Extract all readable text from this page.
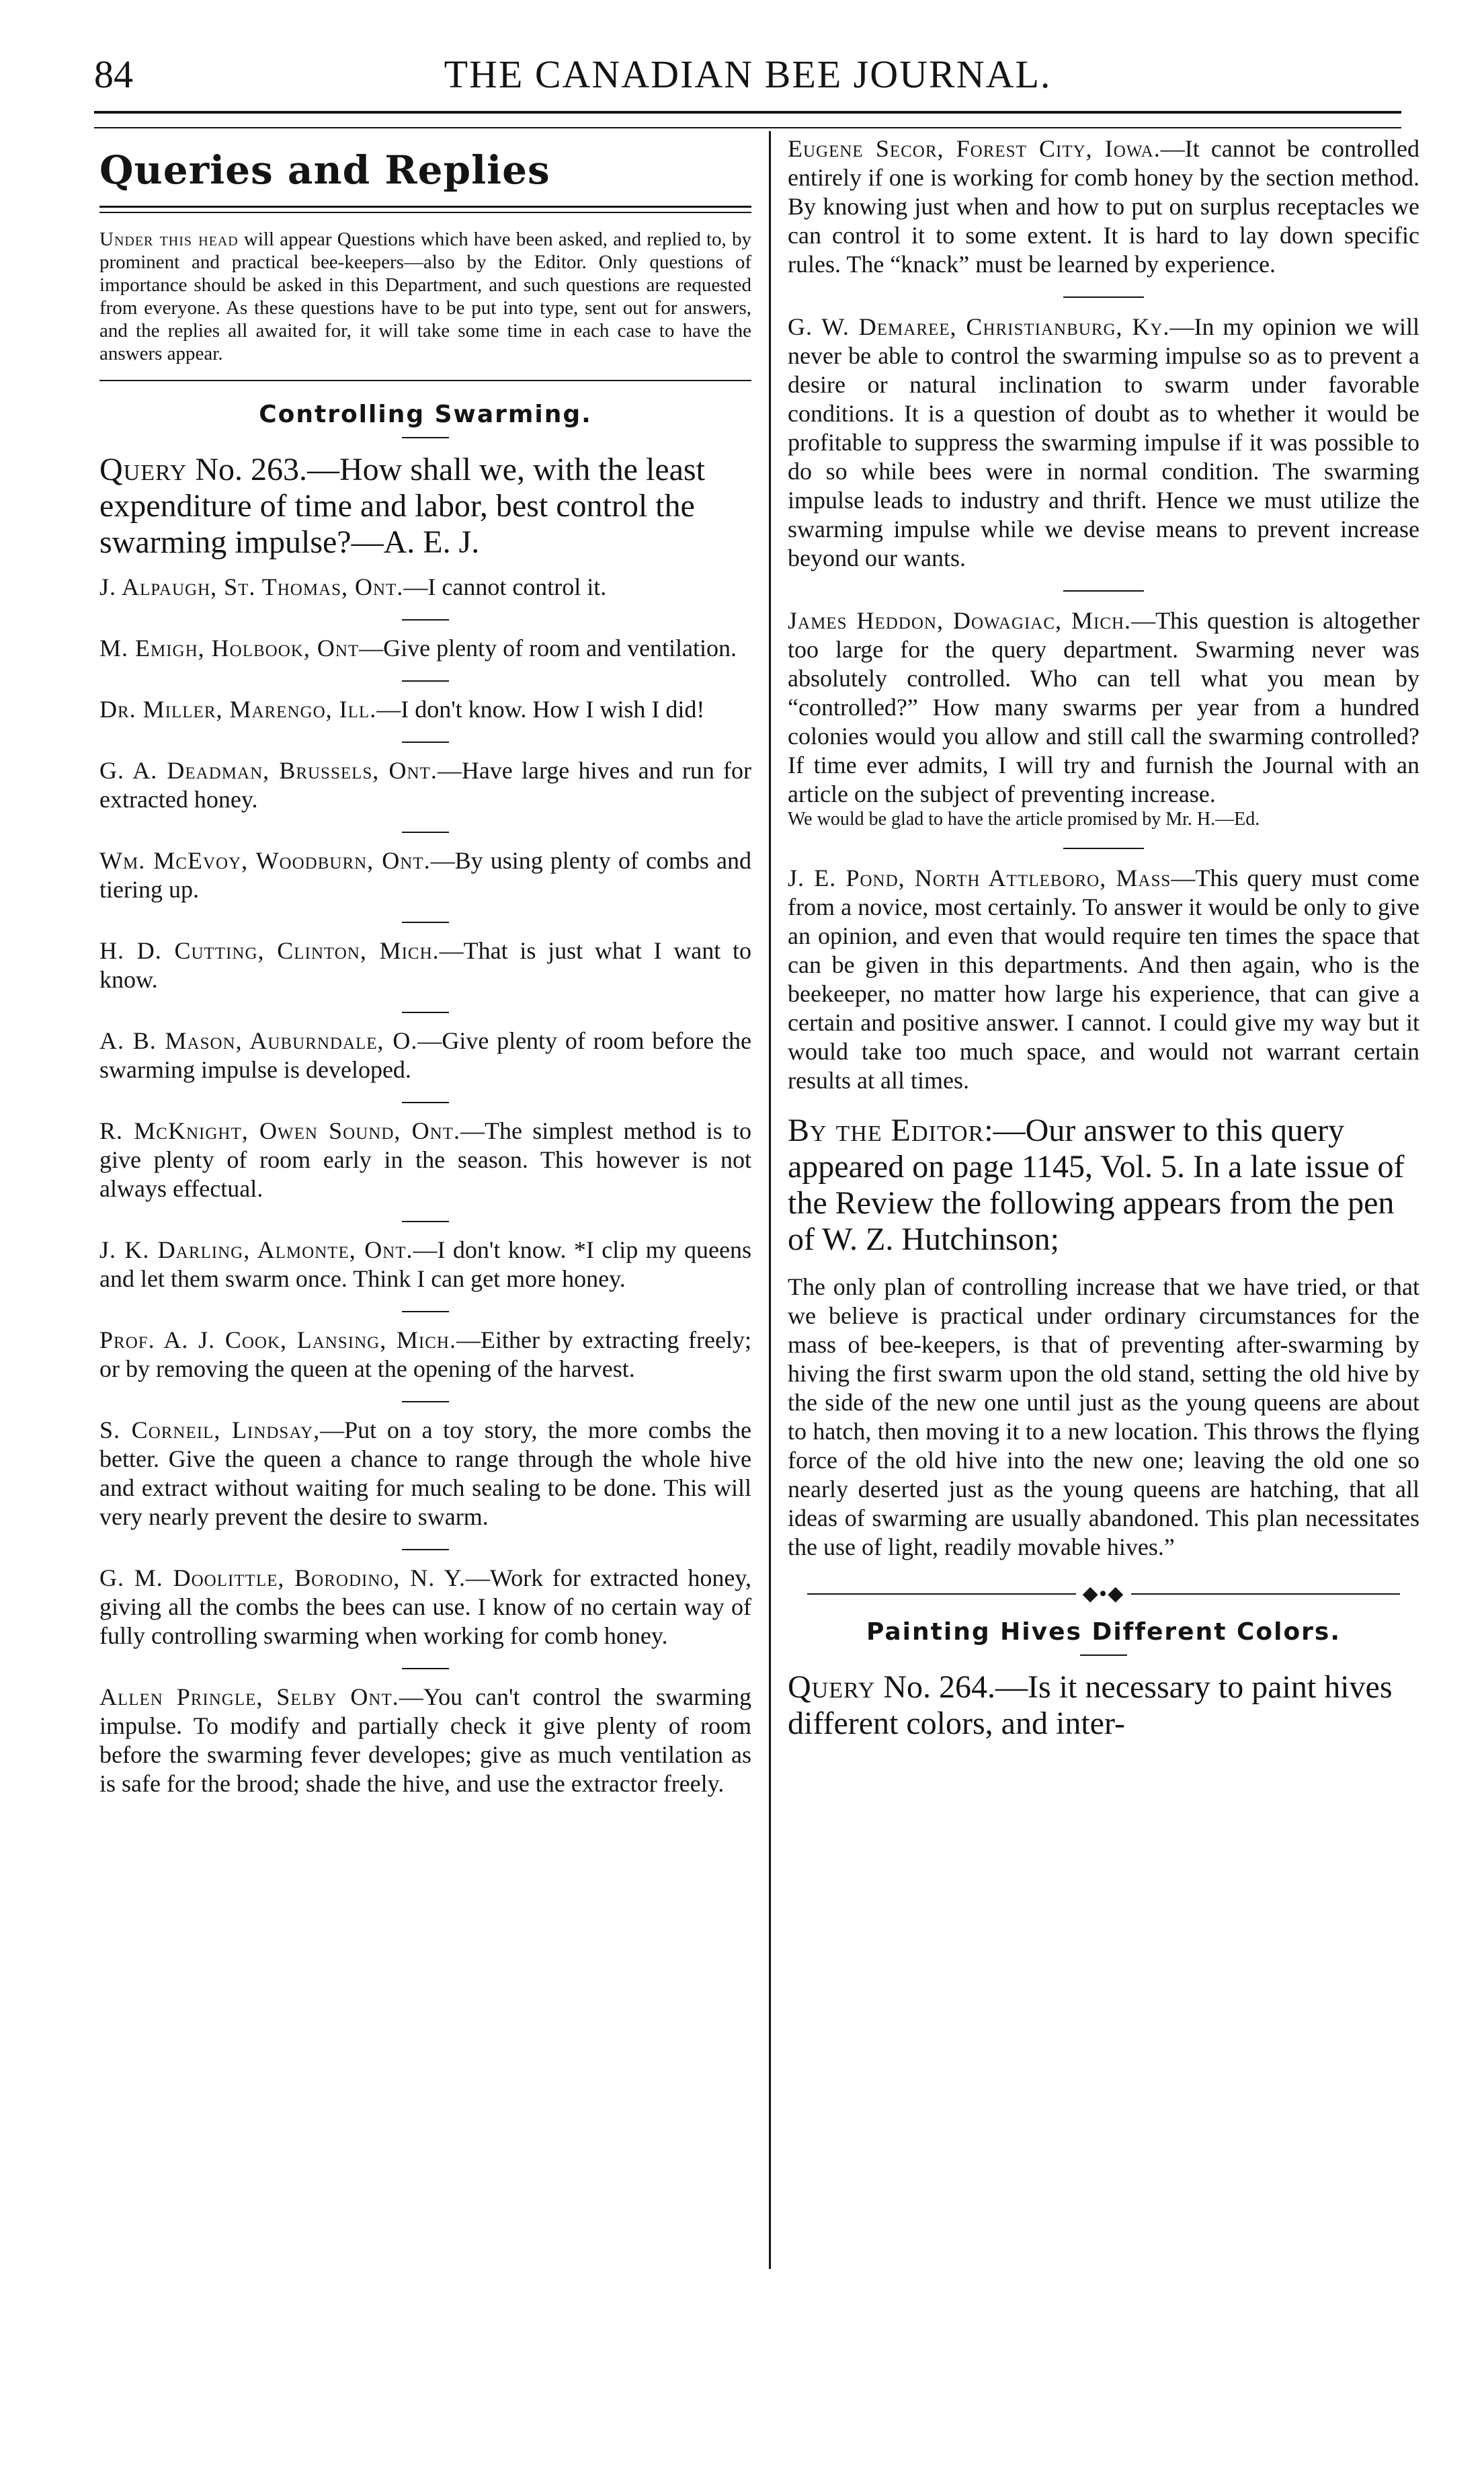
84	THE CANADIAN BEE JOURNAL.
Queries and Replies

Under this head will appear Questions which have been asked, and replied to, by prominent and practical bee-keepers—also by the Editor. Only questions of importance should be asked in this Department, and such questions are requested from everyone. As these questions have to be put into type, sent out for answers, and the replies all awaited for, it will take some time in each case to have the answers appear.

Controlling Swarming.

Query No. 263.—How shall we, with the least expenditure of time and labor, best control the swarming impulse?—A. E. J.

J. Alpaugh, St. Thomas, Ont.—I cannot control it.

M. Emigh, Holbook, Ont—Give plenty of room and ventilation.

Dr. Miller, Marengo, Ill.—I don't know. How I wish I did!

G. A. Deadman, Brussels, Ont.—Have large hives and run for extracted honey.

Wm. McEvoy, Woodburn, Ont.—By using plenty of combs and tiering up.

H. D. Cutting, Clinton, Mich.—That is just what I want to know.

A. B. Mason, Auburndale, O.—Give plenty of room before the swarming impulse is developed.

R. McKnight, Owen Sound, Ont.—The simplest method is to give plenty of room early in the season. This however is not always effectual.

J. K. Darling, Almonte, Ont.—I don't know. *I clip my queens and let them swarm once. Think I can get more honey.

Prof. A. J. Cook, Lansing, Mich.—Either by extracting freely; or by removing the queen at the opening of the harvest.

S. Corneil, Lindsay,—Put on a toy story, the more combs the better. Give the queen a chance to range through the whole hive and extract without waiting for much sealing to be done. This will very nearly prevent the desire to swarm.

G. M. Doolittle, Borodino, N. Y.—Work for extracted honey, giving all the combs the bees can use. I know of no certain way of fully controlling swarming when working for comb honey.

Allen Pringle, Selby Ont.—You can't control the swarming impulse. To modify and partially check it give plenty of room before the swarming fever developes; give as much ventilation as is safe for the brood; shade the hive, and use the extractor freely.

Eugene Secor, Forest City, Iowa.—It cannot be controlled entirely if one is working for comb honey by the section method. By knowing just when and how to put on surplus receptacles we can control it to some extent. It is hard to lay down specific rules. The “knack” must be learned by experience.

G. W. Demaree, Christianburg, Ky.—In my opinion we will never be able to control the swarming impulse so as to prevent a desire or natural inclination to swarm under favorable conditions. It is a question of doubt as to whether it would be profitable to suppress the swarming impulse if it was possible to do so while bees were in normal condition. The swarming impulse leads to industry and thrift. Hence we must utilize the swarming impulse while we devise means to prevent increase beyond our wants.

James Heddon, Dowagiac, Mich.—This question is altogether too large for the query department. Swarming never was absolutely controlled. Who can tell what you mean by “controlled?” How many swarms per year from a hundred colonies would you allow and still call the swarming controlled? If time ever admits, I will try and furnish the Journal with an article on the subject of preventing increase.

We would be glad to have the article promised by Mr. H.—Ed.

J. E. Pond, North Attleboro, Mass—This query must come from a novice, most certainly. To answer it would be only to give an opinion, and even that would require ten times the space that can be given in this departments. And then again, who is the beekeeper, no matter how large his experience, that can give a certain and positive answer. I cannot. I could give my way but it would take too much space, and would not warrant certain results at all times.

By the Editor:—Our answer to this query appeared on page 1145, Vol. 5. In a late issue of the Review the following appears from the pen of W. Z. Hutchinson;

The only plan of controlling increase that we have tried, or that we believe is practical under ordinary circumstances for the mass of bee-keepers, is that of preventing after-swarming by hiving the first swarm upon the old stand, setting the old hive by the side of the new one until just as the young queens are about to hatch, then moving it to a new location. This throws the flying force of the old hive into the new one; leaving the old one so nearly deserted just as the young queens are hatching, that all ideas of swarming are usually abandoned. This plan necessitates the use of light, readily movable hives.”

◆•◆
Painting Hives Different Colors.

Query No. 264.—Is it necessary to paint hives different colors, and inter-
